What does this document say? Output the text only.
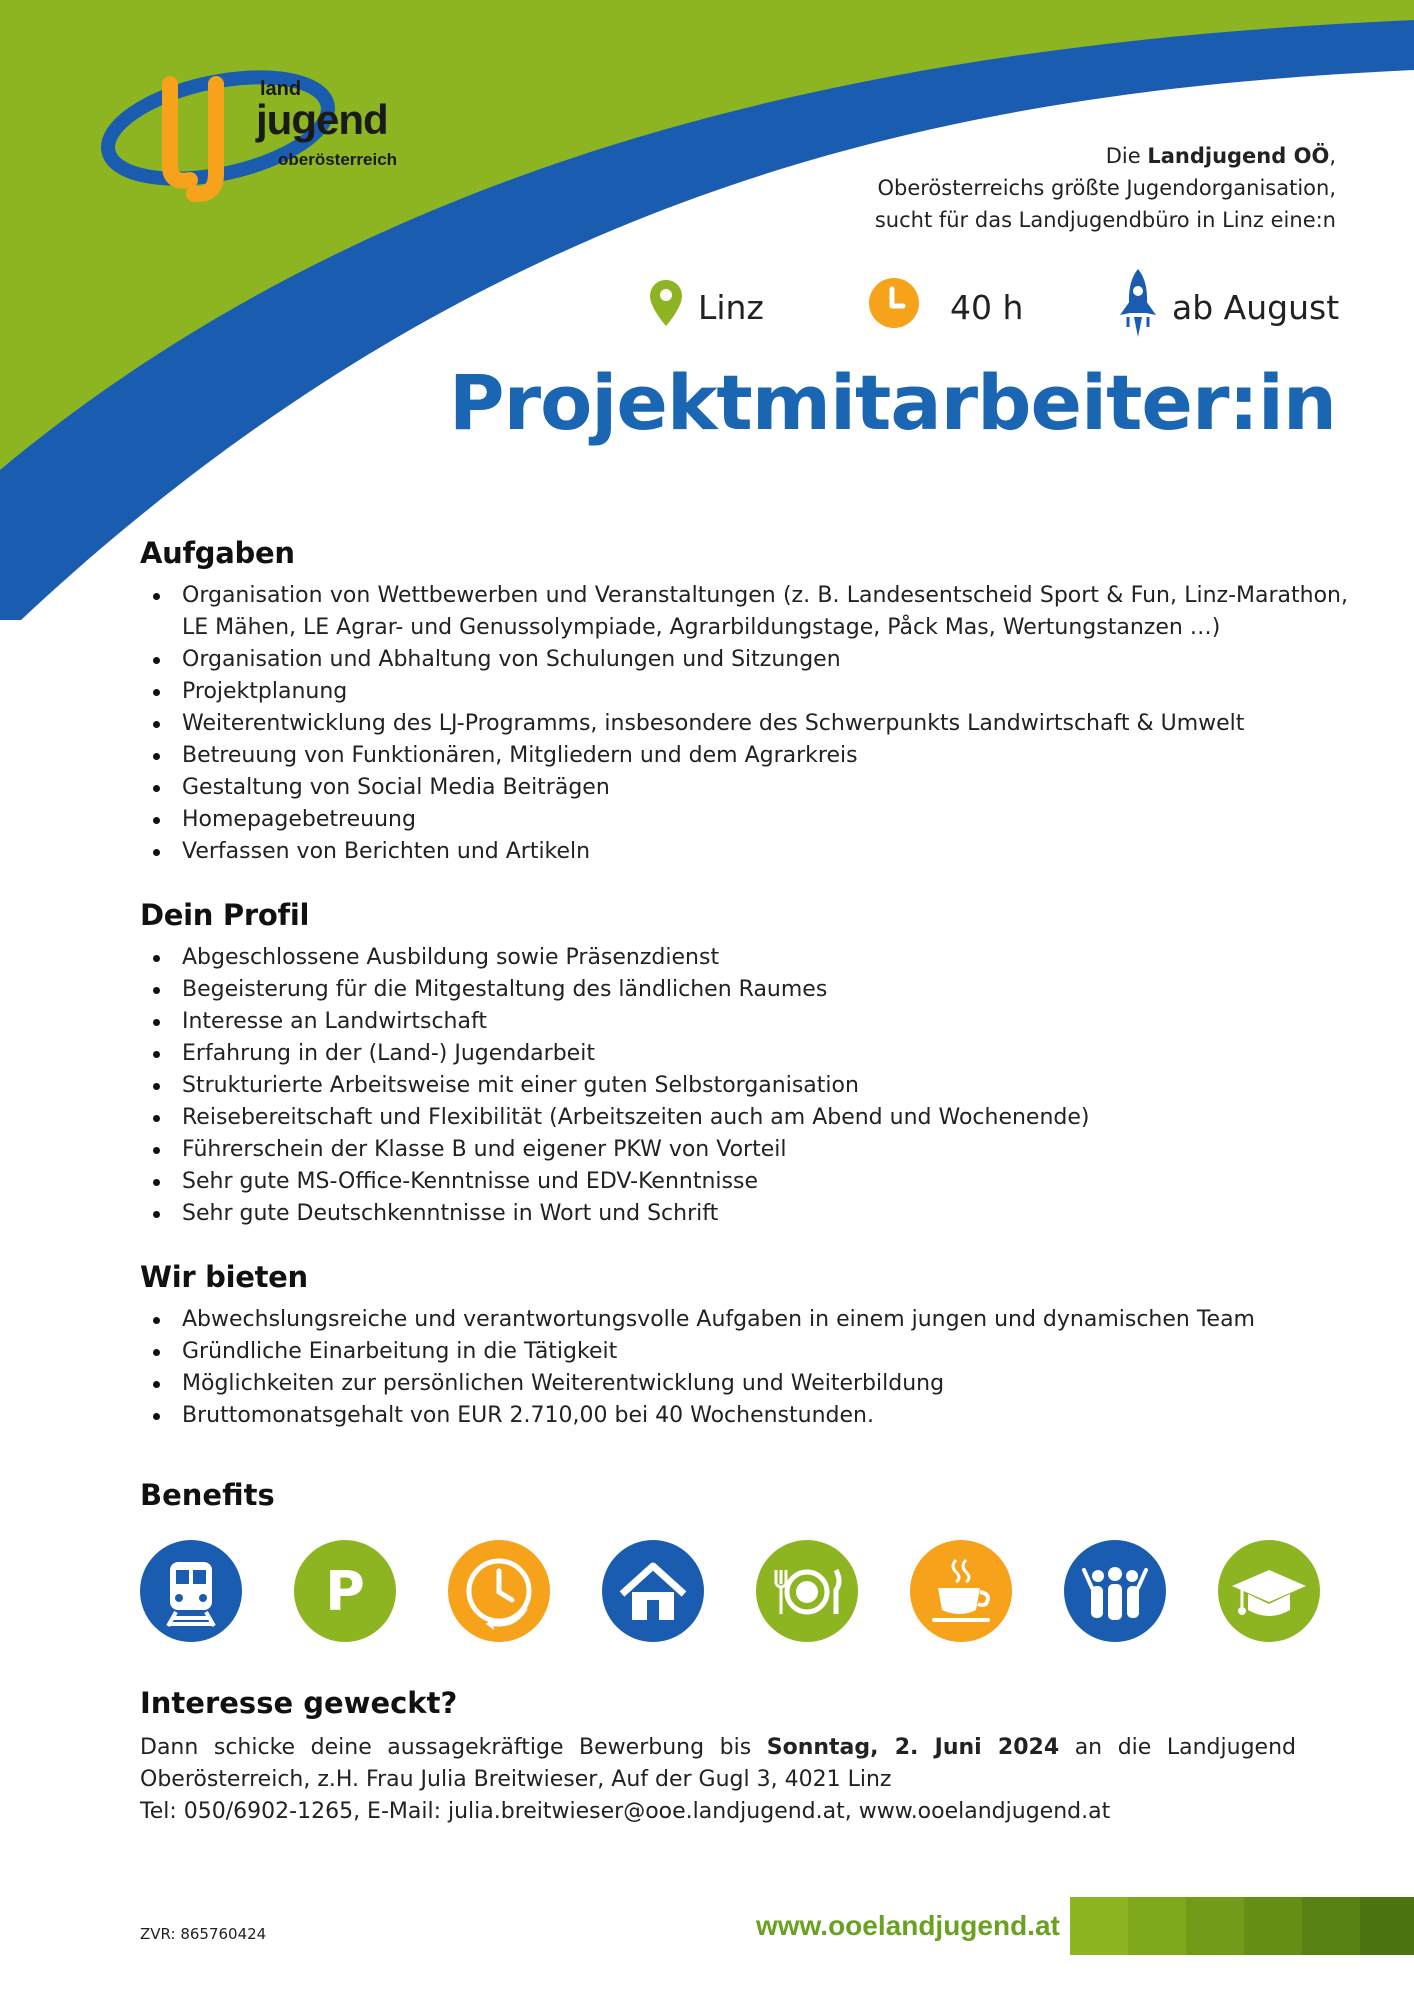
land
jugend
oberösterreich	Die Landjugend OÖ,
Oberösterreichs größte Jugendorganisation,
sucht für das Landjugendbüro in Linz eine:n
Linz	40 h	ab August
Projektmitarbeiter:in
Aufgaben
Organisation von Wettbewerben und Veranstaltungen (z. B. Landesentscheid Sport & Fun, Linz-Marathon, LE Mähen, LE Agrar- und Genussolympiade, Agrarbildungstage, Påck Mas, Wertungstanzen …)
Organisation und Abhaltung von Schulungen und Sitzungen
Projektplanung
Weiterentwicklung des LJ-Programms, insbesondere des Schwerpunkts Landwirtschaft & Umwelt
Betreuung von Funktionären, Mitgliedern und dem Agrarkreis
Gestaltung von Social Media Beiträgen
Homepagebetreuung
Verfassen von Berichten und Artikeln
Dein Profil
Abgeschlossene Ausbildung sowie Präsenzdienst
Begeisterung für die Mitgestaltung des ländlichen Raumes
Interesse an Landwirtschaft
Erfahrung in der (Land-) Jugendarbeit
Strukturierte Arbeitsweise mit einer guten Selbstorganisation
Reisebereitschaft und Flexibilität (Arbeitszeiten auch am Abend und Wochenende)
Führerschein der Klasse B und eigener PKW von Vorteil
Sehr gute MS-Office-Kenntnisse und EDV-Kenntnisse
Sehr gute Deutschkenntnisse in Wort und Schrift
Wir bieten
Abwechslungsreiche und verantwortungsvolle Aufgaben in einem jungen und dynamischen Team
Gründliche Einarbeitung in die Tätigkeit
Möglichkeiten zur persönlichen Weiterentwicklung und Weiterbildung
Bruttomonatsgehalt von EUR 2.710,00 bei 40 Wochenstunden.
Benefits
P
Interesse geweckt?

Dann schicke deine aussagekräftige Bewerbung bis Sonntag, 2. Juni 2024 an die Landjugend Oberösterreich, z.H. Frau Julia Breitwieser, Auf der Gugl 3, 4021 Linz

Tel: 050/6902-1265, E-Mail: julia.breitwieser@ooe.landjugend.at, www.ooelandjugend.at

ZVR: 865760424	www.ooelandjugend.at
